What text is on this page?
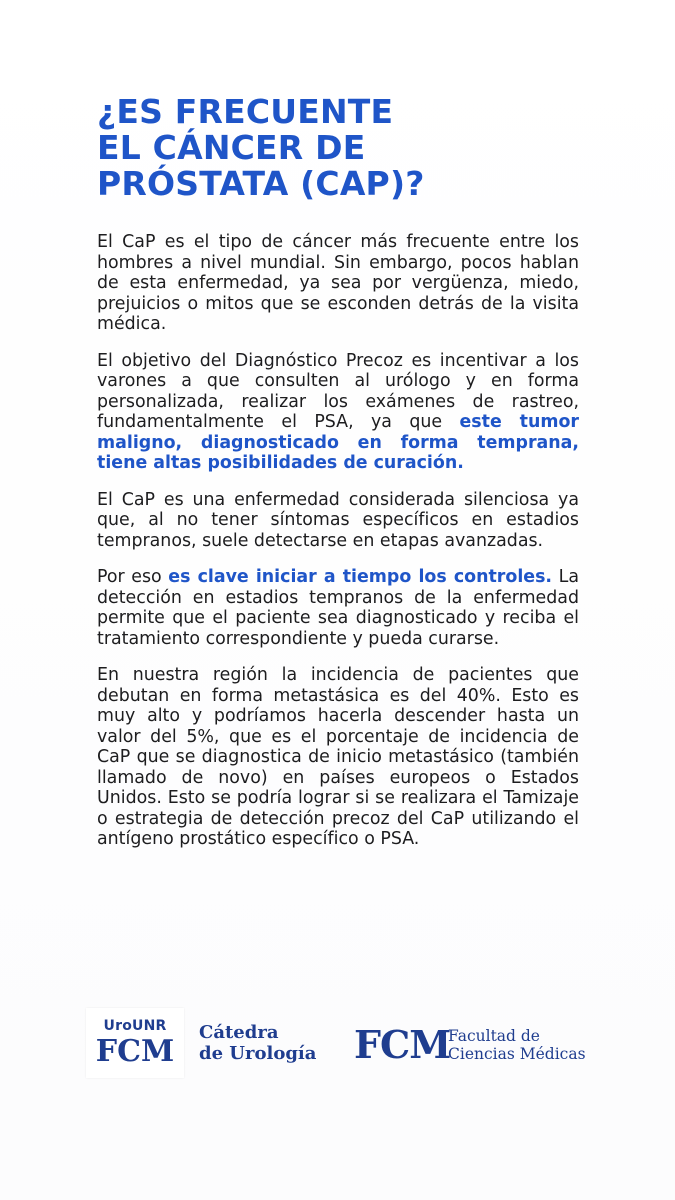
¿ES FRECUENTE
EL CÁNCER DE
PRÓSTATA (CAP)?

El CaP es el tipo de cáncer más frecuente entre los hombres a nivel mundial. Sin embargo, pocos hablan de esta enfermedad, ya sea por vergüenza, miedo, prejuicios o mitos que se esconden detrás de la visita médica.

El objetivo del Diagnóstico Precoz es incentivar a los varones a que consulten al urólogo y en forma personalizada, realizar los exámenes de rastreo, fundamentalmente el PSA, ya que este tumor maligno, diagnosticado en forma temprana, tiene altas posibilidades de curación.

El CaP es una enfermedad considerada silenciosa ya que, al no tener síntomas específicos en estadios tempranos, suele detectarse en etapas avanzadas.

Por eso es clave iniciar a tiempo los controles. La detección en estadios tempranos de la enfermedad permite que el paciente sea diagnosticado y reciba el tratamiento correspondiente y pueda curarse.

En nuestra región la incidencia de pacientes que debutan en forma metastásica es del 40%. Esto es muy alto y podríamos hacerla descender hasta un valor del 5%, que es el porcentaje de incidencia de CaP que se diagnostica de inicio metastásico (también llamado de novo) en países europeos o Estados Unidos. Esto se podría lograr si se realizara el Tamizaje o estrategia de detección precoz del CaP utilizando el antígeno prostático específico o PSA.

UroUNR
FCM
Cátedra
de Urología FCM
Facultad de
Ciencias Médicas
